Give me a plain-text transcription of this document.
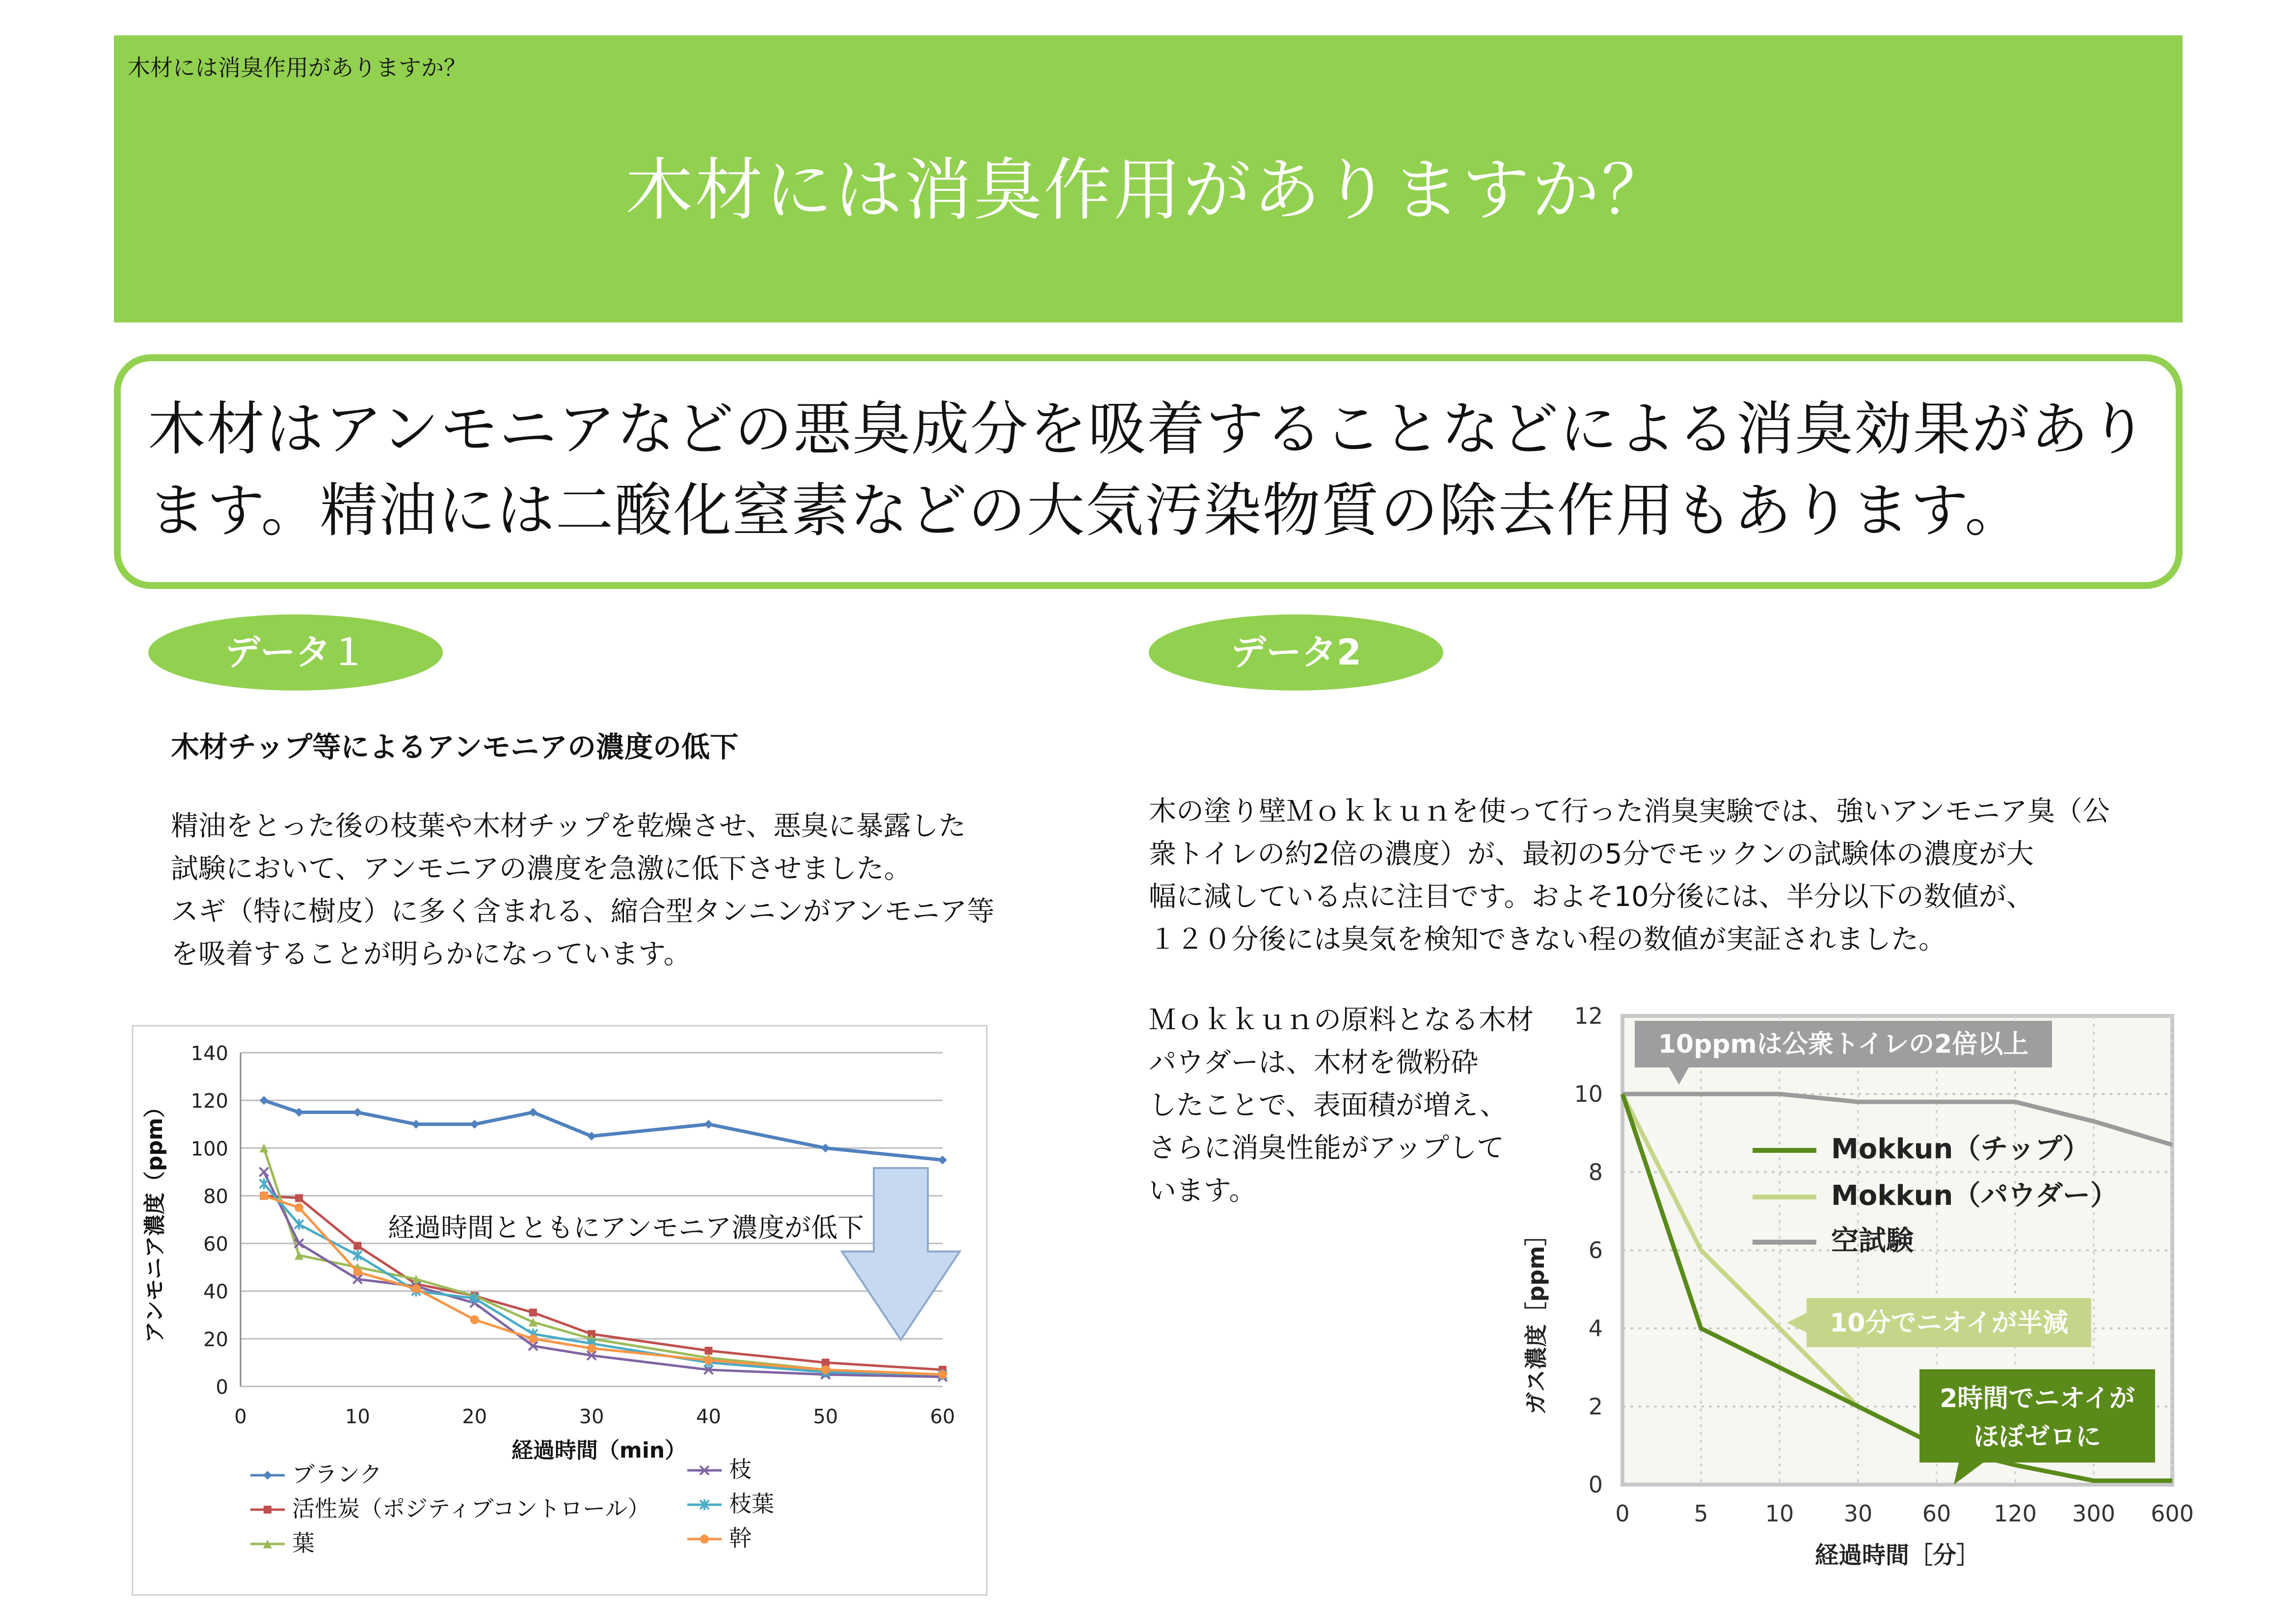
木材には消臭作用がありますか？
木材には消臭作用がありますか？
木材はアンモニアなどの悪臭成分を吸着することなどによる消臭効果があり
ます。精油には二酸化窒素などの大気汚染物質の除去作用もあります。
データ１
木材チップ等によるアンモニアの濃度の低下
精油をとった後の枝葉や木材チップを乾燥させ、悪臭に暴露した
試験において、アンモニアの濃度を急激に低下させました。
スギ（特に樹皮）に多く含まれる、縮合型タンニンがアンモニア等
を吸着することが明らかになっています。
データ2
木の塗り壁Ｍｏｋｋｕｎを使って行った消臭実験では、強いアンモニア臭（公
衆トイレの約2倍の濃度）が、最初の5分でモックンの試験体の濃度が大
幅に減している点に注目です。およそ10分後には、半分以下の数値が、
１２０分後には臭気を検知できない程の数値が実証されました。
Ｍｏｋｋｕｎの原料となる木材
パウダーは、木材を微粉砕
したことで、表面積が増え、
さらに消臭性能がアップして
います。
0
20
40
60
80
100
120
140
0	10	20	30	40	50	60
経過時間とともにアンモニア濃度が低下
経過時間（min）
アンモニア濃度（ppm）
ブランク
活性炭（ポジティブコントロール）
葉
枝
枝葉
幹
0
2
4
6
8
10
12
0	5	10 30 60 120 300 600
10ppmは公衆トイレの2倍以上
Mokkun（チップ）
Mokkun（パウダー）
空試験
10分でニオイが半減
2時間でニオイが
ほぼゼロに
経過時間［分］
ガス濃度［ppm］
